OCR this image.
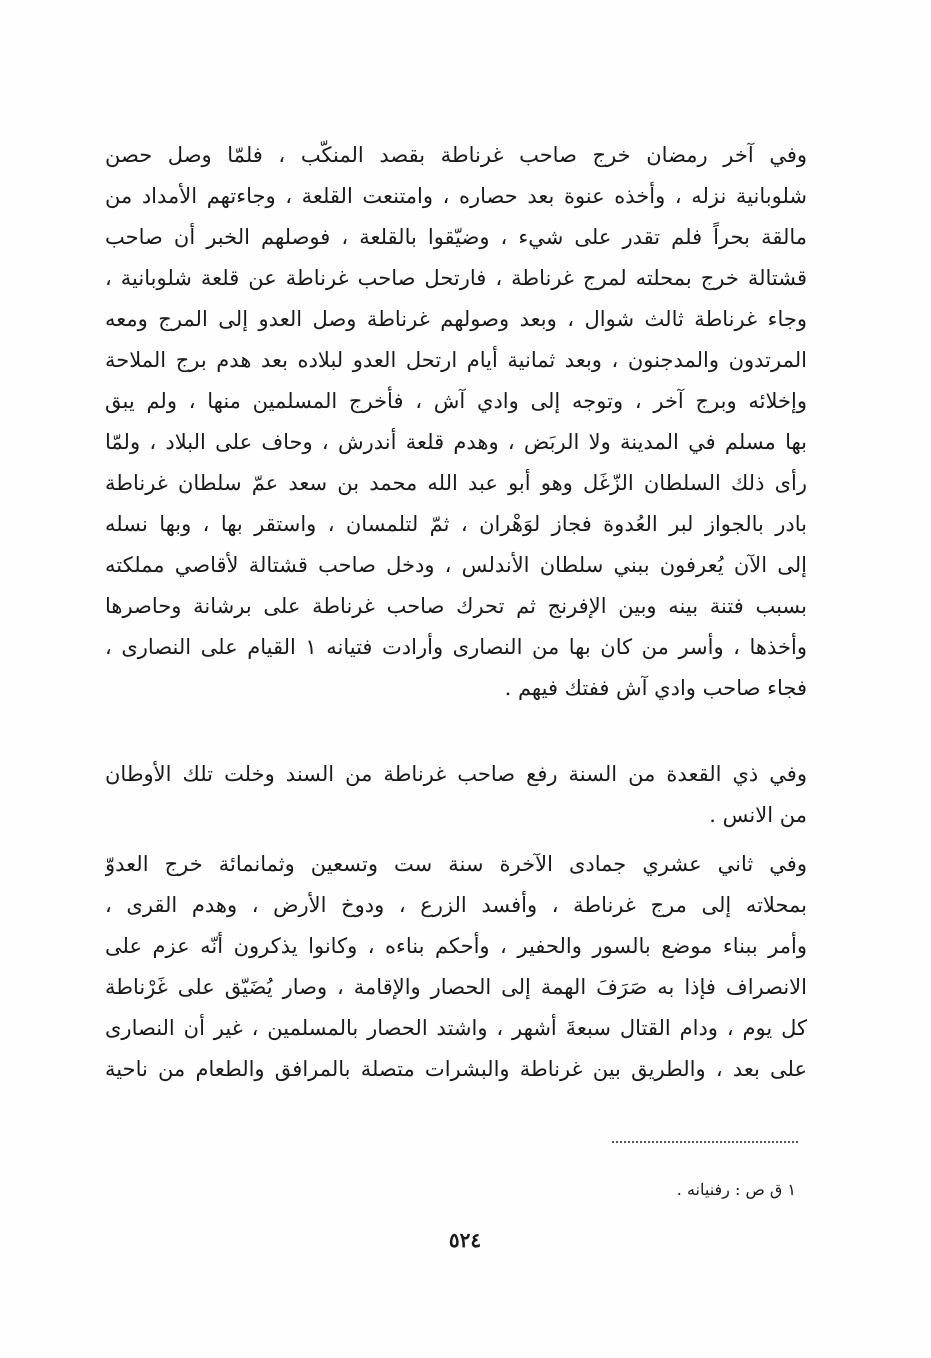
وفي آخر رمضان خرج صاحب غرناطة بقصد المنكّب ، فلمّا وصل حصن
شلوبانية نزله ، وأخذه عنوة بعد حصاره ، وامتنعت القلعة ، وجاءتهم الأمداد من
مالقة بحراً فلم تقدر على شيء ، وضيّقوا بالقلعة ، فوصلهم الخبر أن صاحب
قشتالة خرج بمحلته لمرج غرناطة ، فارتحل صاحب غرناطة عن قلعة شلوبانية ،
وجاء غرناطة ثالث شوال ، وبعد وصولهم غرناطة وصل العدو إلى المرج ومعه
المرتدون والمدجنون ، وبعد ثمانية أيام ارتحل العدو لبلاده بعد هدم برج الملاحة
وإخلائه وبرج آخر ، وتوجه إلى وادي آش ، فأخرج المسلمين منها ، ولم يبق
بها مسلم في المدينة ولا الربَض ، وهدم قلعة أندرش ، وحاف على البلاد ، ولمّا
رأى ذلك السلطان الزّغَل وهو أبو عبد الله محمد بن سعد عمّ سلطان غرناطة
بادر بالجواز لبر العُدوة فجاز لوَهْران ، ثمّ لتلمسان ، واستقر بها ، وبها نسله
إلى الآن يُعرفون ببني سلطان الأندلس ، ودخل صاحب قشتالة لأقاصي مملكته
بسبب فتنة بينه وبين الإفرنج ثم تحرك صاحب غرناطة على برشانة وحاصرها
وأخذها ، وأسر من كان بها من النصارى وأرادت فتيانه ١ القيام على النصارى ،
فجاء صاحب وادي آش ففتك فيهم .
وفي ذي القعدة من السنة رفع صاحب غرناطة من السند وخلت تلك الأوطان
من الانس .
وفي ثاني عشري جمادى الآخرة سنة ست وتسعين وثمانمائة خرج العدوّ
بمحلاته إلى مرج غرناطة ، وأفسد الزرع ، ودوخ الأرض ، وهدم القرى ،
وأمر ببناء موضع بالسور والحفير ، وأحكم بناءه ، وكانوا يذكرون أنّه عزم على
الانصراف فإذا به صَرَفَ الهمة إلى الحصار والإقامة ، وصار يُضَيّق على غَرْناطة
كل يوم ، ودام القتال سبعةَ أشهر ، واشتد الحصار بالمسلمين ، غير أن النصارى
على بعد ، والطريق بين غرناطة والبشرات متصلة بالمرافق والطعام من ناحية
١ ق ص : رفنيانه .
٥٢٤
